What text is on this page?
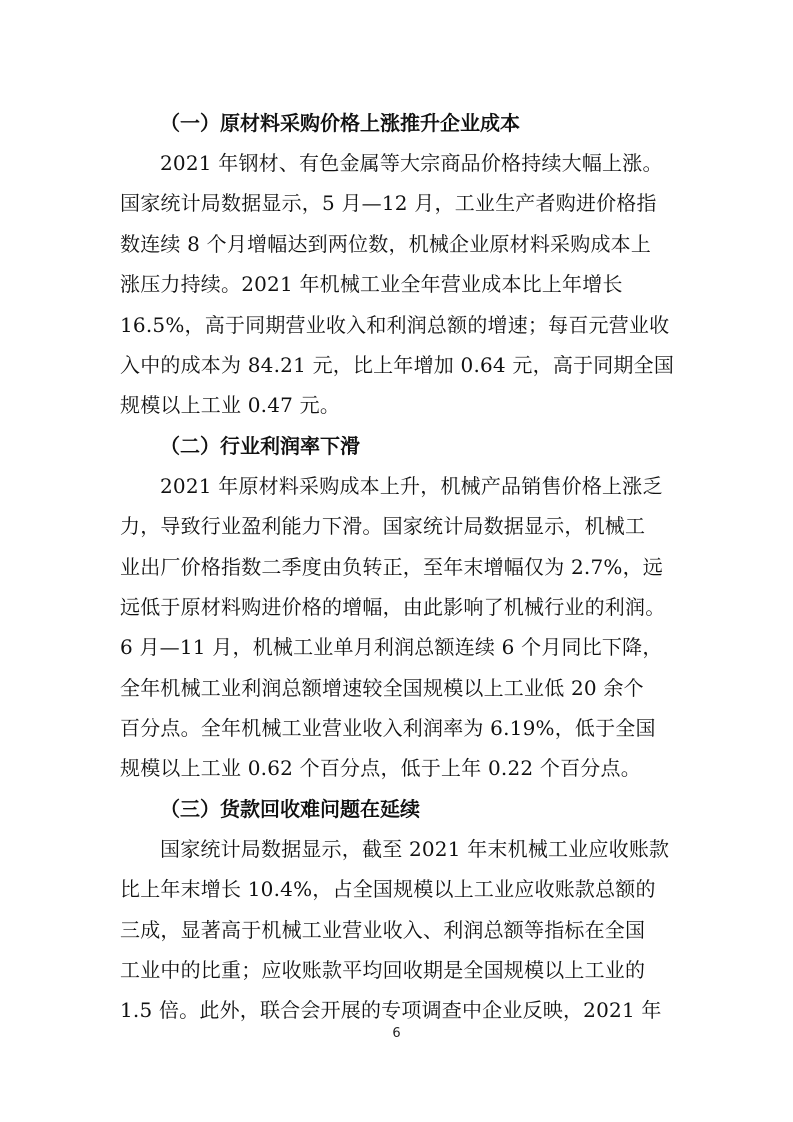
（一）原材料采购价格上涨推升企业成本

2021 年钢材、有色金属等大宗商品价格持续大幅上涨。

国家统计局数据显示，5 月—12 月，工业生产者购进价格指

数连续 8 个月增幅达到两位数，机械企业原材料采购成本上

涨压力持续。2021 年机械工业全年营业成本比上年增长

16.5%，高于同期营业收入和利润总额的增速；每百元营业收

入中的成本为 84.21 元，比上年增加 0.64 元，高于同期全国

规模以上工业 0.47 元。

（二）行业利润率下滑

2021 年原材料采购成本上升，机械产品销售价格上涨乏

力，导致行业盈利能力下滑。国家统计局数据显示，机械工

业出厂价格指数二季度由负转正，至年末增幅仅为 2.7%，远

远低于原材料购进价格的增幅，由此影响了机械行业的利润。

6 月—11 月，机械工业单月利润总额连续 6 个月同比下降，

全年机械工业利润总额增速较全国规模以上工业低 20 余个

百分点。全年机械工业营业收入利润率为 6.19%，低于全国

规模以上工业 0.62 个百分点，低于上年 0.22 个百分点。

（三）货款回收难问题在延续

国家统计局数据显示，截至 2021 年末机械工业应收账款

比上年末增长 10.4%，占全国规模以上工业应收账款总额的

三成，显著高于机械工业营业收入、利润总额等指标在全国

工业中的比重；应收账款平均回收期是全国规模以上工业的

1.5 倍。此外，联合会开展的专项调查中企业反映，2021 年

6
